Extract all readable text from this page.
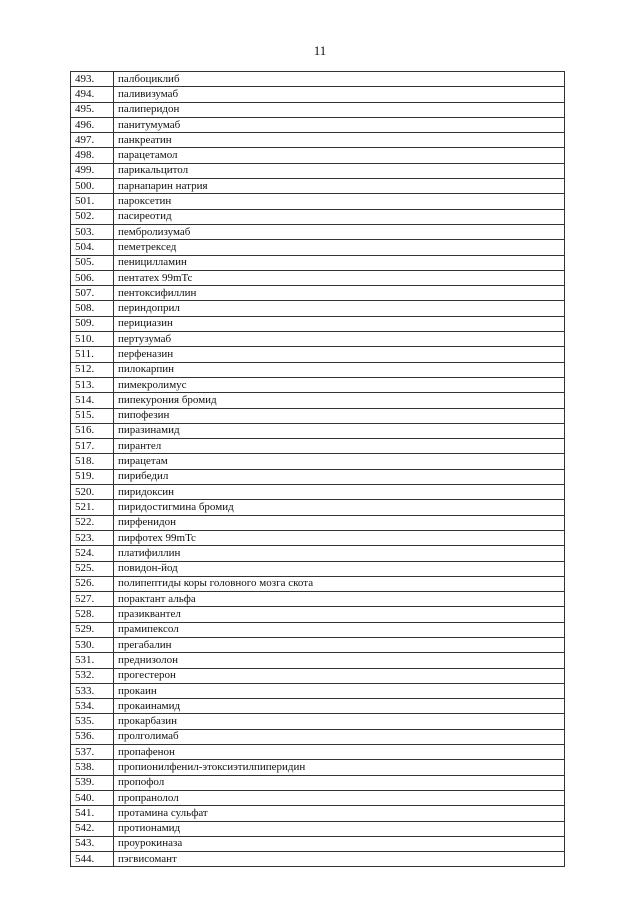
11
493.	палбоциклиб
494.	паливизумаб
495.	палиперидон
496.	панитумумаб
497.	панкреатин
498.	парацетамол
499.	парикальцитол
500.	парнапарин натрия
501.	пароксетин
502.	пасиреотид
503.	пембролизумаб
504.	пеметрексед
505.	пеницилламин
506.	пентатех 99mTc
507.	пентоксифиллин
508.	периндоприл
509.	перициазин
510.	пертузумаб
511.	перфеназин
512.	пилокарпин
513.	пимекролимус
514.	пипекурония бромид
515.	пипофезин
516.	пиразинамид
517.	пирантел
518.	пирацетам
519.	пирибедил
520.	пиридоксин
521.	пиридостигмина бромид
522.	пирфенидон
523.	пирфотех 99mTc
524.	платифиллин
525.	повидон-йод
526.	полипептиды коры головного мозга скота
527.	порактант альфа
528.	празиквантел
529.	прамипексол
530.	прегабалин
531.	преднизолон
532.	прогестерон
533.	прокаин
534.	прокаинамид
535.	прокарбазин
536.	пролголимаб
537.	пропафенон
538.	пропионилфенил-этоксиэтилпиперидин
539.	пропофол
540.	пропранолол
541.	протамина сульфат
542.	протионамид
543.	проурокиназа
544.	пэгвисомант
